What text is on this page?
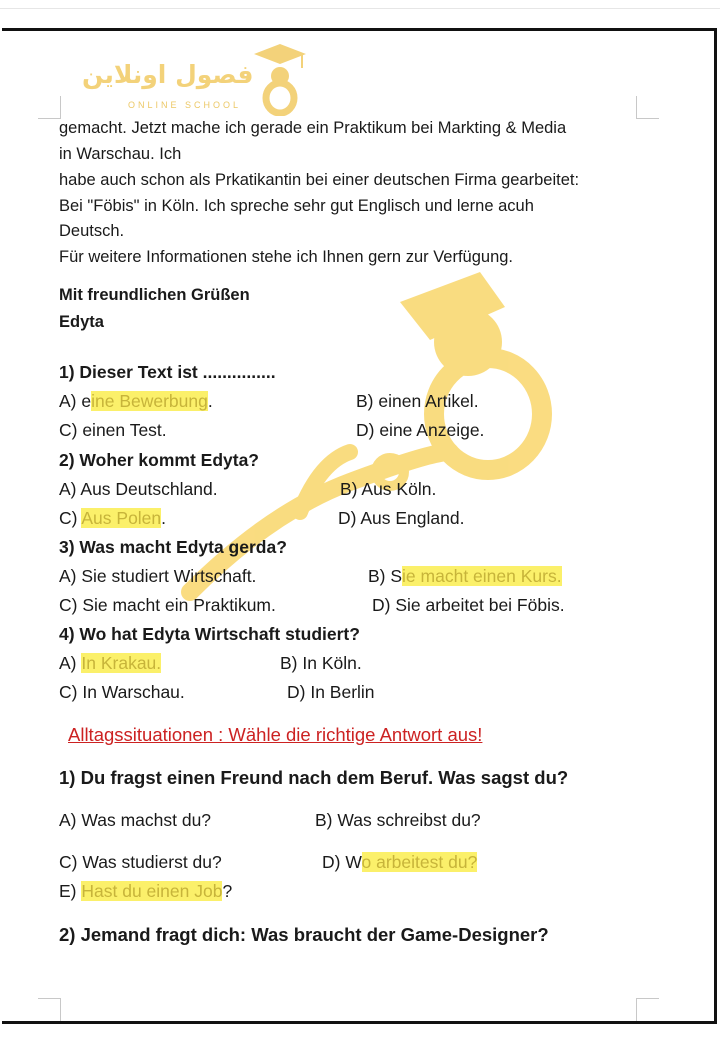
فصول اونلاين
ONLINE SCHOOL
gemacht. Jetzt mache ich gerade ein Praktikum bei Markting & Media
in Warschau. Ich
habe auch schon als Prkatikantin bei einer deutschen Firma gearbeitet:
Bei "Föbis" in Köln. Ich spreche sehr gut Englisch und lerne acuh
Deutsch.
Für weitere Informationen stehe ich Ihnen gern zur Verfügung.
Mit freundlichen Grüßen
Edyta
1) Dieser Text ist ...............
A) eine Bewerbung.	B) einen Artikel.
C) einen Test.	D) eine Anzeige.
2) Woher kommt Edyta?
A) Aus Deutschland.	B) Aus Köln.
C) Aus Polen.	D) Aus England.
3) Was macht Edyta gerda?
A) Sie studiert Wirtschaft.	B) Sie macht einen Kurs.
C) Sie macht ein Praktikum.	D) Sie arbeitet bei Föbis.
4) Wo hat Edyta Wirtschaft studiert?
A) In Krakau.	B) In Köln.
C) In Warschau.	D) In Berlin
Alltagssituationen : Wähle die richtige Antwort aus!
1) Du fragst einen Freund nach dem Beruf. Was sagst du?
A) Was machst du?	B) Was schreibst du?
C) Was studierst du?	D) Wo arbeitest du?
E) Hast du einen Job?
2) Jemand fragt dich: Was braucht der Game-Designer?
